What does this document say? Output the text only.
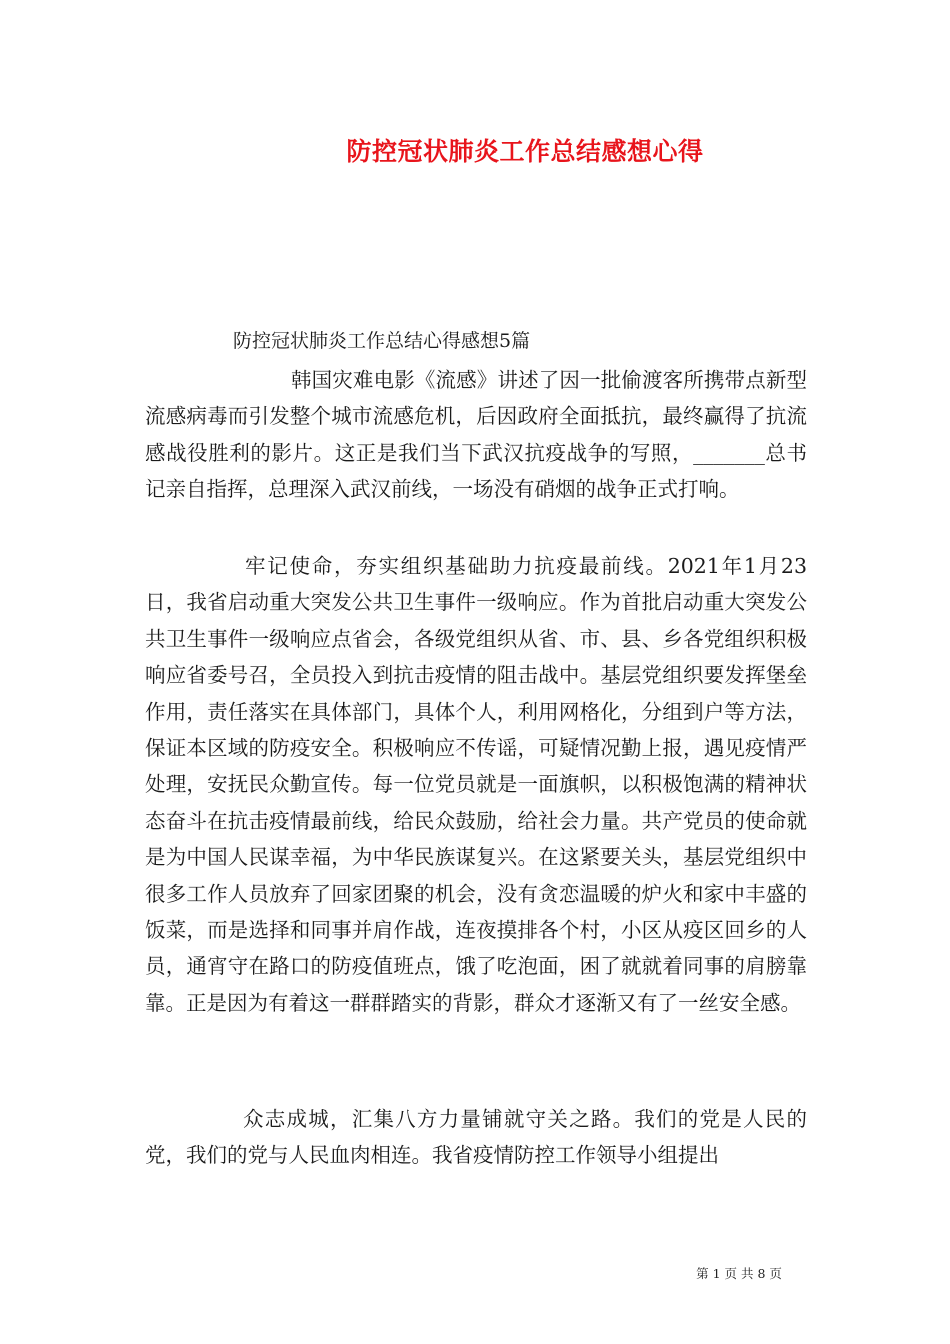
防控冠状肺炎工作总结感想心得
防控冠状肺炎工作总结心得感想5篇

韩国灾难电影《流感》讲述了因一批偷渡客所携带点新型流感病毒而引发整个城市流感危机，后因政府全面抵抗，最终赢得了抗流感战役胜利的影片。这正是我们当下武汉抗疫战争的写照，_______总书记亲自指挥，总理深入武汉前线，一场没有硝烟的战争正式打响。

牢记使命，夯实组织基础助力抗疫最前线。2021年1月23日，我省启动重大突发公共卫生事件一级响应。作为首批启动重大突发公共卫生事件一级响应点省会，各级党组织从省、市、县、乡各党组织积极响应省委号召，全员投入到抗击疫情的阻击战中。基层党组织要发挥堡垒作用，责任落实在具体部门，具体个人，利用网格化，分组到户等方法，保证本区域的防疫安全。积极响应不传谣，可疑情况勤上报，遇见疫情严处理，安抚民众勤宣传。每一位党员就是一面旗帜，以积极饱满的精神状态奋斗在抗击疫情最前线，给民众鼓励，给社会力量。共产党员的使命就是为中国人民谋幸福，为中华民族谋复兴。在这紧要关头，基层党组织中很多工作人员放弃了回家团聚的机会，没有贪恋温暖的炉火和家中丰盛的饭菜，而是选择和同事并肩作战，连夜摸排各个村，小区从疫区回乡的人员，通宵守在路口的防疫值班点，饿了吃泡面，困了就就着同事的肩膀靠靠。正是因为有着这一群群踏实的背影，群众才逐渐又有了一丝安全感。

众志成城，汇集八方力量铺就守关之路。我们的党是人民的党，我们的党与人民血肉相连。我省疫情防控工作领导小组提出

第 1 页 共 8 页
